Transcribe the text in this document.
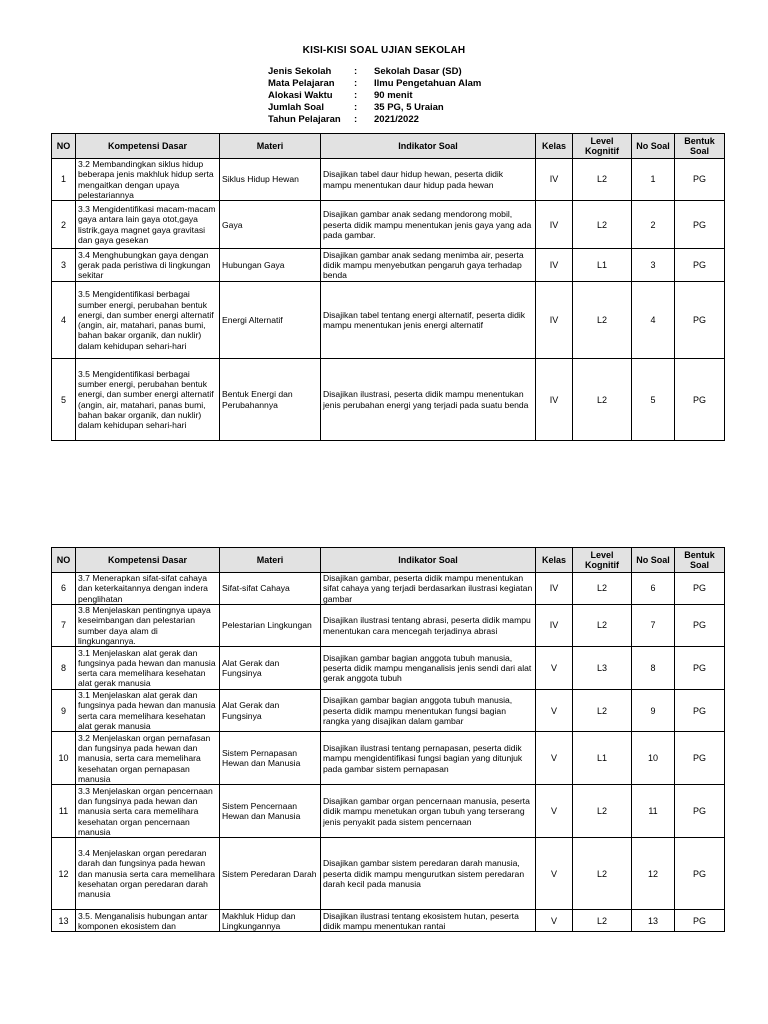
KISI-KISI SOAL UJIAN SEKOLAH
Jenis Sekolah	:	Sekolah Dasar (SD)
Mata Pelajaran	:	Ilmu Pengetahuan Alam
Alokasi Waktu	:	90 menit
Jumlah Soal	:	35 PG, 5 Uraian
Tahun Pelajaran	:	2021/2022
NO	Kompetensi Dasar	Materi	Indikator Soal	Kelas	Level Kognitif	No Soal	Bentuk Soal
1	3.2 Membandingkan siklus hidup beberapa jenis makhluk hidup serta mengaitkan dengan upaya pelestariannya	Siklus Hidup Hewan	Disajikan tabel daur hidup hewan, peserta didik mampu menentukan daur hidup pada hewan	IV	L2	1	PG
2	3.3 Mengidentifikasi macam-macam gaya antara lain gaya otot,gaya listrik,gaya magnet gaya gravitasi dan gaya gesekan	Gaya	Disajikan gambar anak sedang mendorong mobil, peserta didik mampu menentukan jenis gaya yang ada pada gambar.	IV	L2	2	PG
3	3.4 Menghubungkan gaya dengan gerak pada peristiwa di lingkungan sekitar	Hubungan Gaya	Disajikan gambar anak sedang menimba air, peserta didik mampu menyebutkan pengaruh gaya terhadap benda	IV	L1	3	PG
4	3.5 Mengidentifikasi berbagai sumber energi, perubahan bentuk energi, dan sumber energi alternatif (angin, air, matahari, panas bumi, bahan bakar organik, dan nuklir) dalam kehidupan sehari-hari	Energi Alternatif	Disajikan tabel tentang energi alternatif, peserta didik mampu menentukan jenis energi alternatif	IV	L2	4	PG
5	3.5 Mengidentifikasi berbagai sumber energi, perubahan bentuk energi, dan sumber energi alternatif (angin, air, matahari, panas bumi, bahan bakar organik, dan nuklir) dalam kehidupan sehari-hari	Bentuk Energi dan Perubahannya	Disajikan ilustrasi, peserta didik mampu menentukan jenis perubahan energi yang terjadi pada suatu benda	IV	L2	5	PG
NO	Kompetensi Dasar	Materi	Indikator Soal	Kelas	Level Kognitif	No Soal	Bentuk Soal
6	3.7 Menerapkan sifat-sifat cahaya dan keterkaitannya dengan indera penglihatan	Sifat-sifat Cahaya	Disajikan gambar, peserta didik mampu menentukan sifat cahaya yang terjadi berdasarkan ilustrasi kegiatan gambar	IV	L2	6	PG
7	3.8 Menjelaskan pentingnya upaya keseimbangan dan pelestarian sumber daya alam di lingkungannya.	Pelestarian Lingkungan	Disajikan ilustrasi tentang abrasi, peserta didik mampu menentukan cara mencegah terjadinya abrasi	IV	L2	7	PG
8	3.1 Menjelaskan alat gerak dan fungsinya pada hewan dan manusia serta cara memelihara kesehatan alat gerak manusia	Alat Gerak dan Fungsinya	Disajikan gambar bagian anggota tubuh manusia, peserta didik mampu menganalisis jenis sendi dari alat gerak anggota tubuh	V	L3	8	PG
9	3.1 Menjelaskan alat gerak dan fungsinya pada hewan dan manusia serta cara memelihara kesehatan alat gerak manusia	Alat Gerak dan Fungsinya	Disajikan gambar bagian anggota tubuh manusia, peserta didik mampu menentukan fungsi bagian rangka yang disajikan dalam gambar	V	L2	9	PG
10	3.2 Menjelaskan organ pernafasan dan fungsinya pada hewan dan manusia, serta cara memelihara kesehatan organ pernapasan manusia	Sistem Pernapasan Hewan dan Manusia	Disajikan ilustrasi tentang pernapasan, peserta didik mampu mengidentifikasi fungsi bagian yang ditunjuk pada gambar sistem pernapasan	V	L1	10	PG
11	3.3 Menjelaskan organ pencernaan dan fungsinya pada hewan dan manusia serta cara memelihara kesehatan organ pencernaan manusia	Sistem Pencernaan Hewan dan Manusia	Disajikan gambar organ pencernaan manusia, peserta didik mampu menetukan organ tubuh yang terserang jenis penyakit pada sistem pencernaan	V	L2	11	PG
12	3.4 Menjelaskan organ peredaran darah dan fungsinya pada hewan dan manusia serta cara memelihara kesehatan organ peredaran darah manusia	Sistem Peredaran Darah	Disajikan gambar sistem peredaran darah manusia, peserta didik mampu mengurutkan sistem peredaran darah kecil pada manusia	V	L2	12	PG
13	3.5. Menganalisis hubungan antar komponen ekosistem dan	Makhluk Hidup dan Lingkungannya	Disajikan ilustrasi tentang ekosistem hutan, peserta didik mampu menentukan rantai	V	L2	13	PG
